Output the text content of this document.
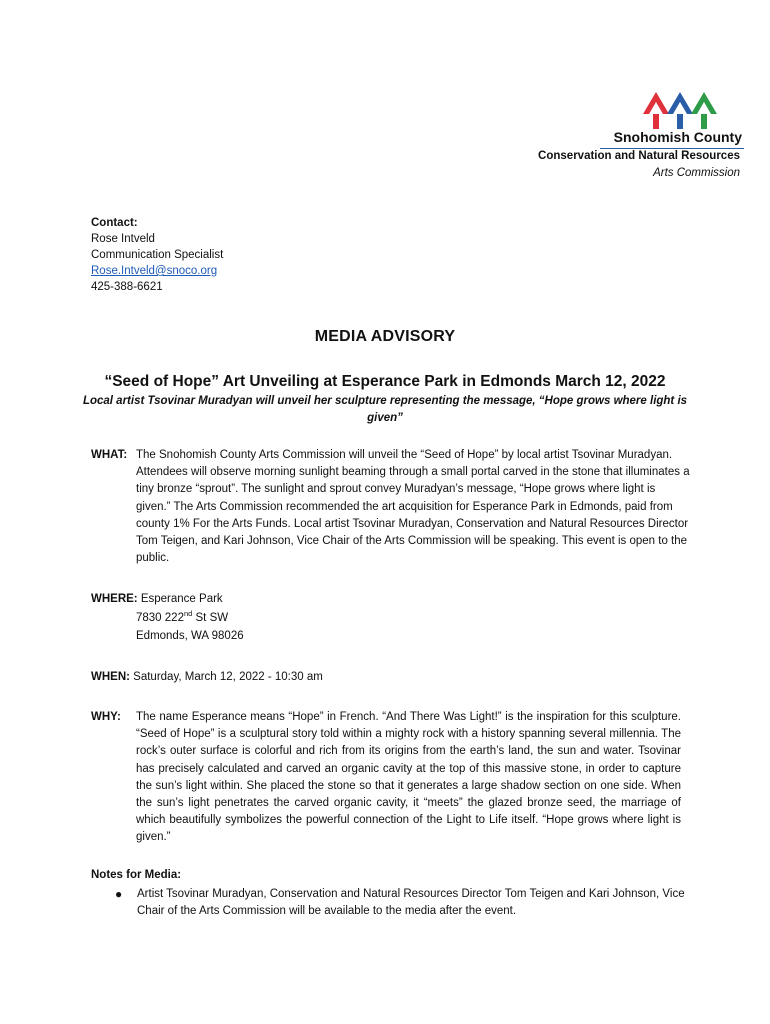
Snohomish County
Conservation and Natural Resources
Arts Commission
Contact:
Rose Intveld
Communication Specialist
Rose.Intveld@snoco.org
425-388-6621
MEDIA ADVISORY
“Seed of Hope” Art Unveiling at Esperance Park in Edmonds March 12, 2022
Local artist Tsovinar Muradyan will unveil her sculpture representing the message, “Hope grows where light is given”
WHAT: The Snohomish County Arts Commission will unveil the “Seed of Hope” by local artist Tsovinar Muradyan. Attendees will observe morning sunlight beaming through a small portal carved in the stone that illuminates a tiny bronze “sprout”. The sunlight and sprout convey Muradyan’s message, “Hope grows where light is given.” The Arts Commission recommended the art acquisition for Esperance Park in Edmonds, paid from county 1% For the Arts Funds. Local artist Tsovinar Muradyan, Conservation and Natural Resources Director Tom Teigen, and Kari Johnson, Vice Chair of the Arts Commission will be speaking. This event is open to the public.
WHERE: Esperance Park
7830 222nd St SW
Edmonds, WA 98026
WHEN: Saturday, March 12, 2022 - 10:30 am
WHY: The name Esperance means “Hope” in French. “And There Was Light!” is the inspiration for this sculpture. “Seed of Hope” is a sculptural story told within a mighty rock with a history spanning several millennia. The rock’s outer surface is colorful and rich from its origins from the earth’s land, the sun and water. Tsovinar has precisely calculated and carved an organic cavity at the top of this massive stone, in order to capture the sun’s light within. She placed the stone so that it generates a large shadow section on one side. When the sun’s light penetrates the carved organic cavity, it “meets” the glazed bronze seed, the marriage of which beautifully symbolizes the powerful connection of the Light to Life itself. “Hope grows where light is given.”
Notes for Media:
● Artist Tsovinar Muradyan, Conservation and Natural Resources Director Tom Teigen and Kari Johnson, Vice Chair of the Arts Commission will be available to the media after the event.
